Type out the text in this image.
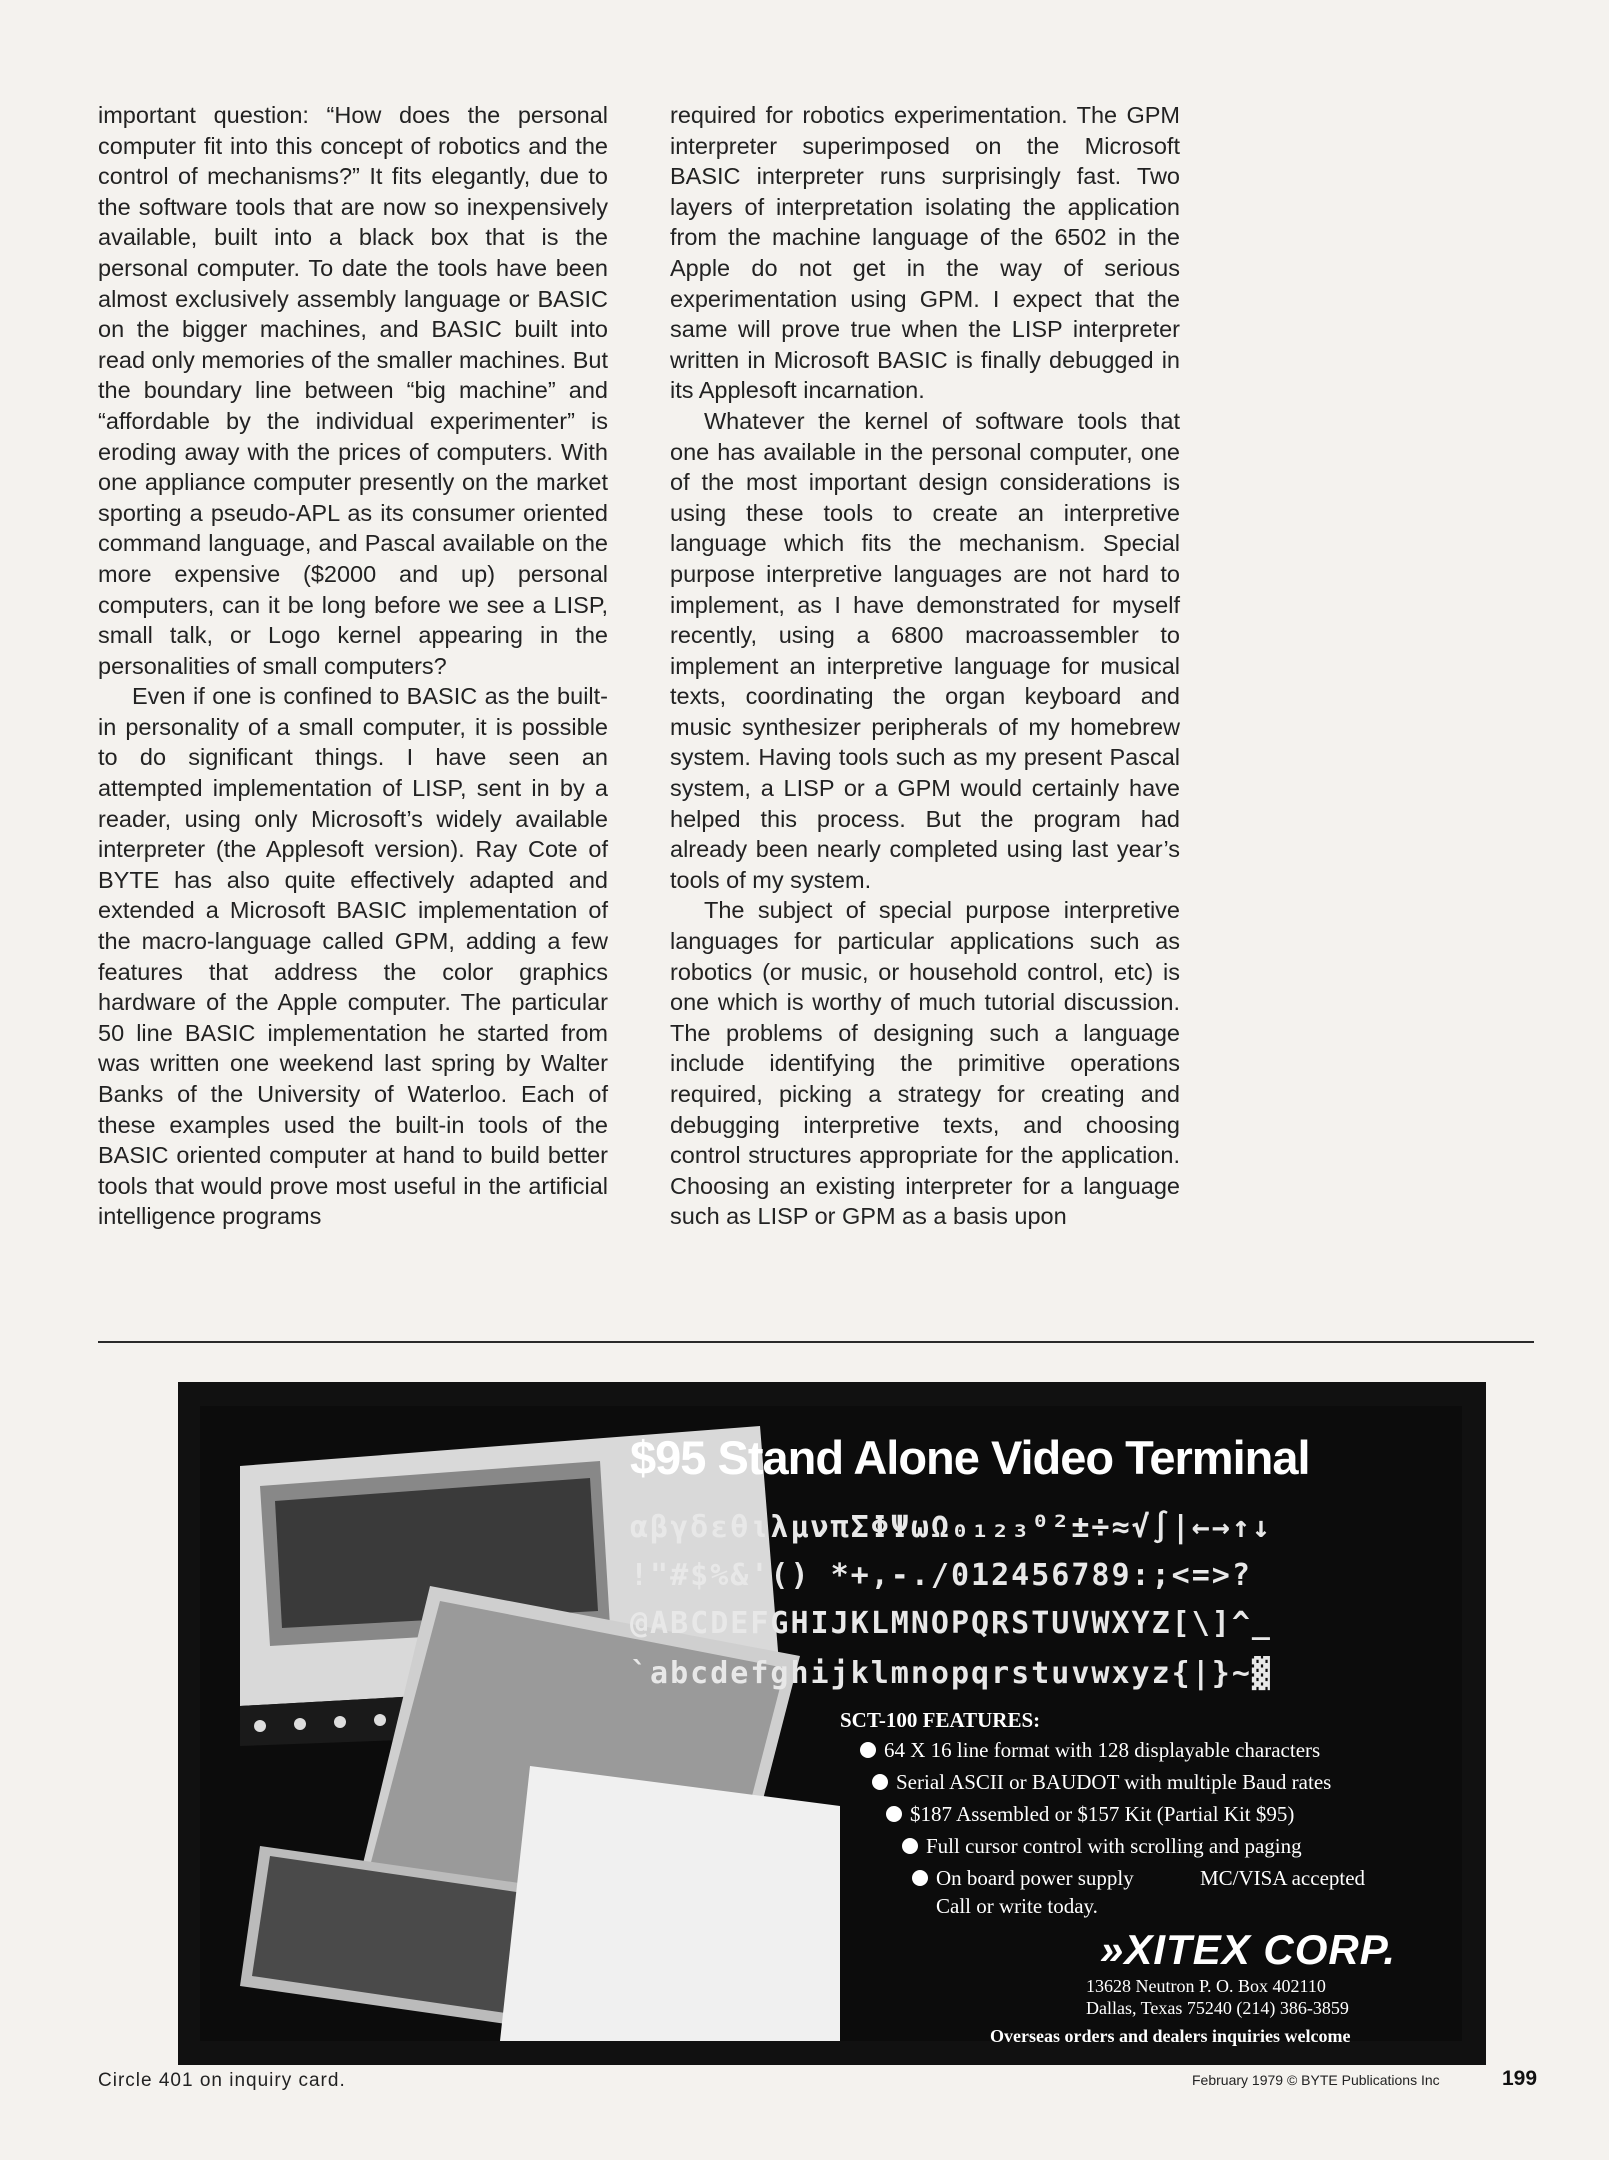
important question: “How does the personal computer fit into this concept of robotics and the control of mechanisms?” It fits elegantly, due to the software tools that are now so inexpensively available, built into a black box that is the personal computer. To date the tools have been almost exclusively assembly language or BASIC on the bigger machines, and BASIC built into read only memories of the smaller machines. But the boundary line between “big machine” and “affordable by the individual experimenter” is eroding away with the prices of computers. With one appliance computer presently on the market sporting a pseudo-APL as its consumer oriented command language, and Pascal available on the more expensive ($2000 and up) personal computers, can it be long before we see a LISP, small talk, or Logo kernel appearing in the personalities of small computers?

Even if one is confined to BASIC as the built-in personality of a small computer, it is possible to do significant things. I have seen an attempted implementation of LISP, sent in by a reader, using only Microsoft’s widely available interpreter (the Applesoft version). Ray Cote of BYTE has also quite effectively adapted and extended a Microsoft BASIC implementation of the macro-language called GPM, adding a few features that address the color graphics hardware of the Apple computer. The particular 50 line BASIC implementation he started from was written one weekend last spring by Walter Banks of the University of Waterloo. Each of these examples used the built-in tools of the BASIC oriented computer at hand to build better tools that would prove most useful in the artificial intelligence programs

required for robotics experimentation. The GPM interpreter superimposed on the Microsoft BASIC interpreter runs surprisingly fast. Two layers of interpretation isolating the application from the machine language of the 6502 in the Apple do not get in the way of serious experimentation using GPM. I expect that the same will prove true when the LISP interpreter written in Microsoft BASIC is finally debugged in its Applesoft incarnation.

Whatever the kernel of software tools that one has available in the personal computer, one of the most important design considerations is using these tools to create an interpretive language which fits the mechanism. Special purpose interpretive languages are not hard to implement, as I have demonstrated for myself recently, using a 6800 macroassembler to implement an interpretive language for musical texts, coordinating the organ keyboard and music synthesizer peripherals of my homebrew system. Having tools such as my present Pascal system, a LISP or a GPM would certainly have helped this process. But the program had already been nearly completed using last year’s tools of my system.

The subject of special purpose interpretive languages for particular applications such as robotics (or music, or household control, etc) is one which is worthy of much tutorial discussion. The problems of designing such a language include identifying the primitive operations required, picking a strategy for creating and debugging interpretive texts, and choosing control structures appropriate for the application. Choosing an existing interpreter for a language such as LISP or GPM as a basis upon

$95 Stand Alone Video Terminal
αβγδεθιλμνπΣΦΨωΩ₀₁₂₃⁰²±÷≈√∫|←→↑↓
!"#$%&'() *+,-./012456789:;<=>?
@ABCDEFGHIJKLMNOPQRSTUVWXYZ[\]^_
`abcdefghijklmnopqrstuvwxyz{|}~▓
SCT-100 FEATURES:
64 X 16 line format with 128 displayable characters
Serial ASCII or BAUDOT with multiple Baud rates
$187 Assembled or $157 Kit (Partial Kit $95)
Full cursor control with scrolling and paging
On board power supply	MC/VISA accepted
Call or write today.
»XITEX CORP.
13628 Neutron P. O. Box 402110
Dallas, Texas 75240 (214) 386-3859
Overseas orders and dealers inquiries welcome
Circle 401 on inquiry card.	February 1979 © BYTE Publications Inc	199
